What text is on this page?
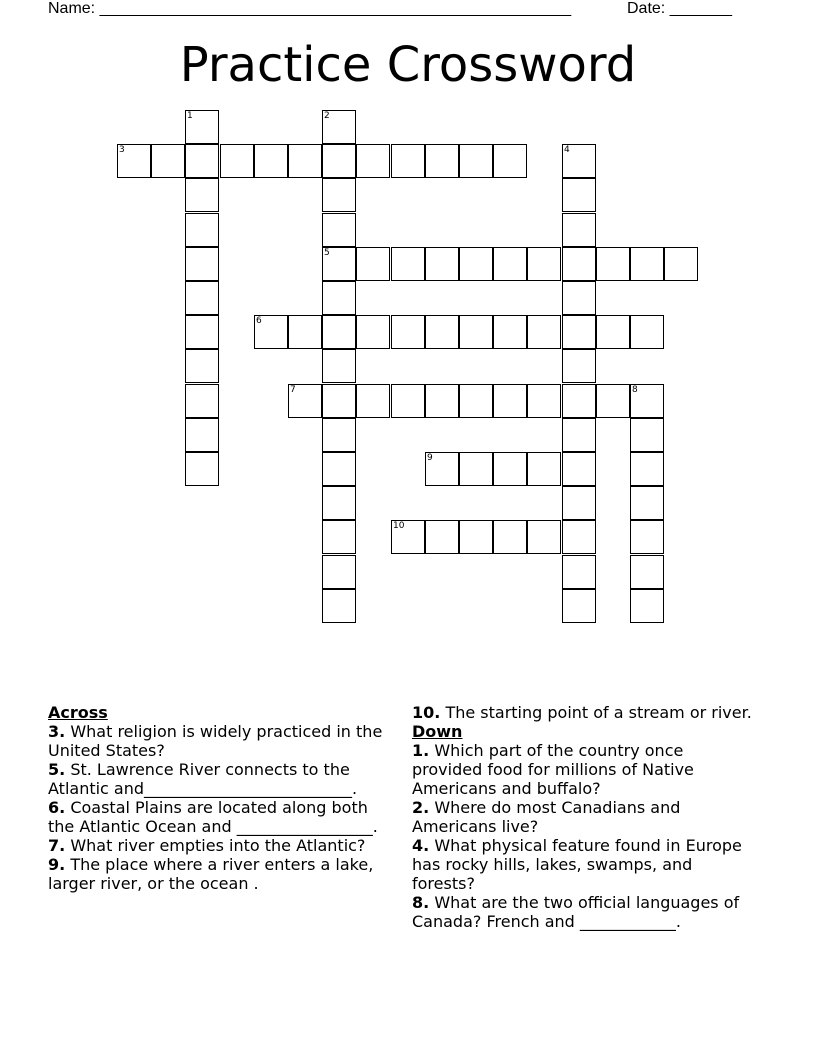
Name: _____________________________________________________	Date: _______
Practice Crossword
1	2
5
3	4
6
7	8
9
10
Across
3. What religion is widely practiced in the United States?
5. St. Lawrence River connects to the Atlantic and__________________________.
6. Coastal Plains are located along both the Atlantic Ocean and _________________.
7. What river empties into the Atlantic?
9. The place where a river enters a lake, larger river, or the ocean .
10. The starting point of a stream or river.
Down
1. Which part of the country once provided food for millions of Native Americans and buffalo?
2. Where do most Canadians and Americans live?
4. What physical feature found in Europe has rocky hills, lakes, swamps, and forests?
8. What are the two official languages of Canada? French and ____________.
